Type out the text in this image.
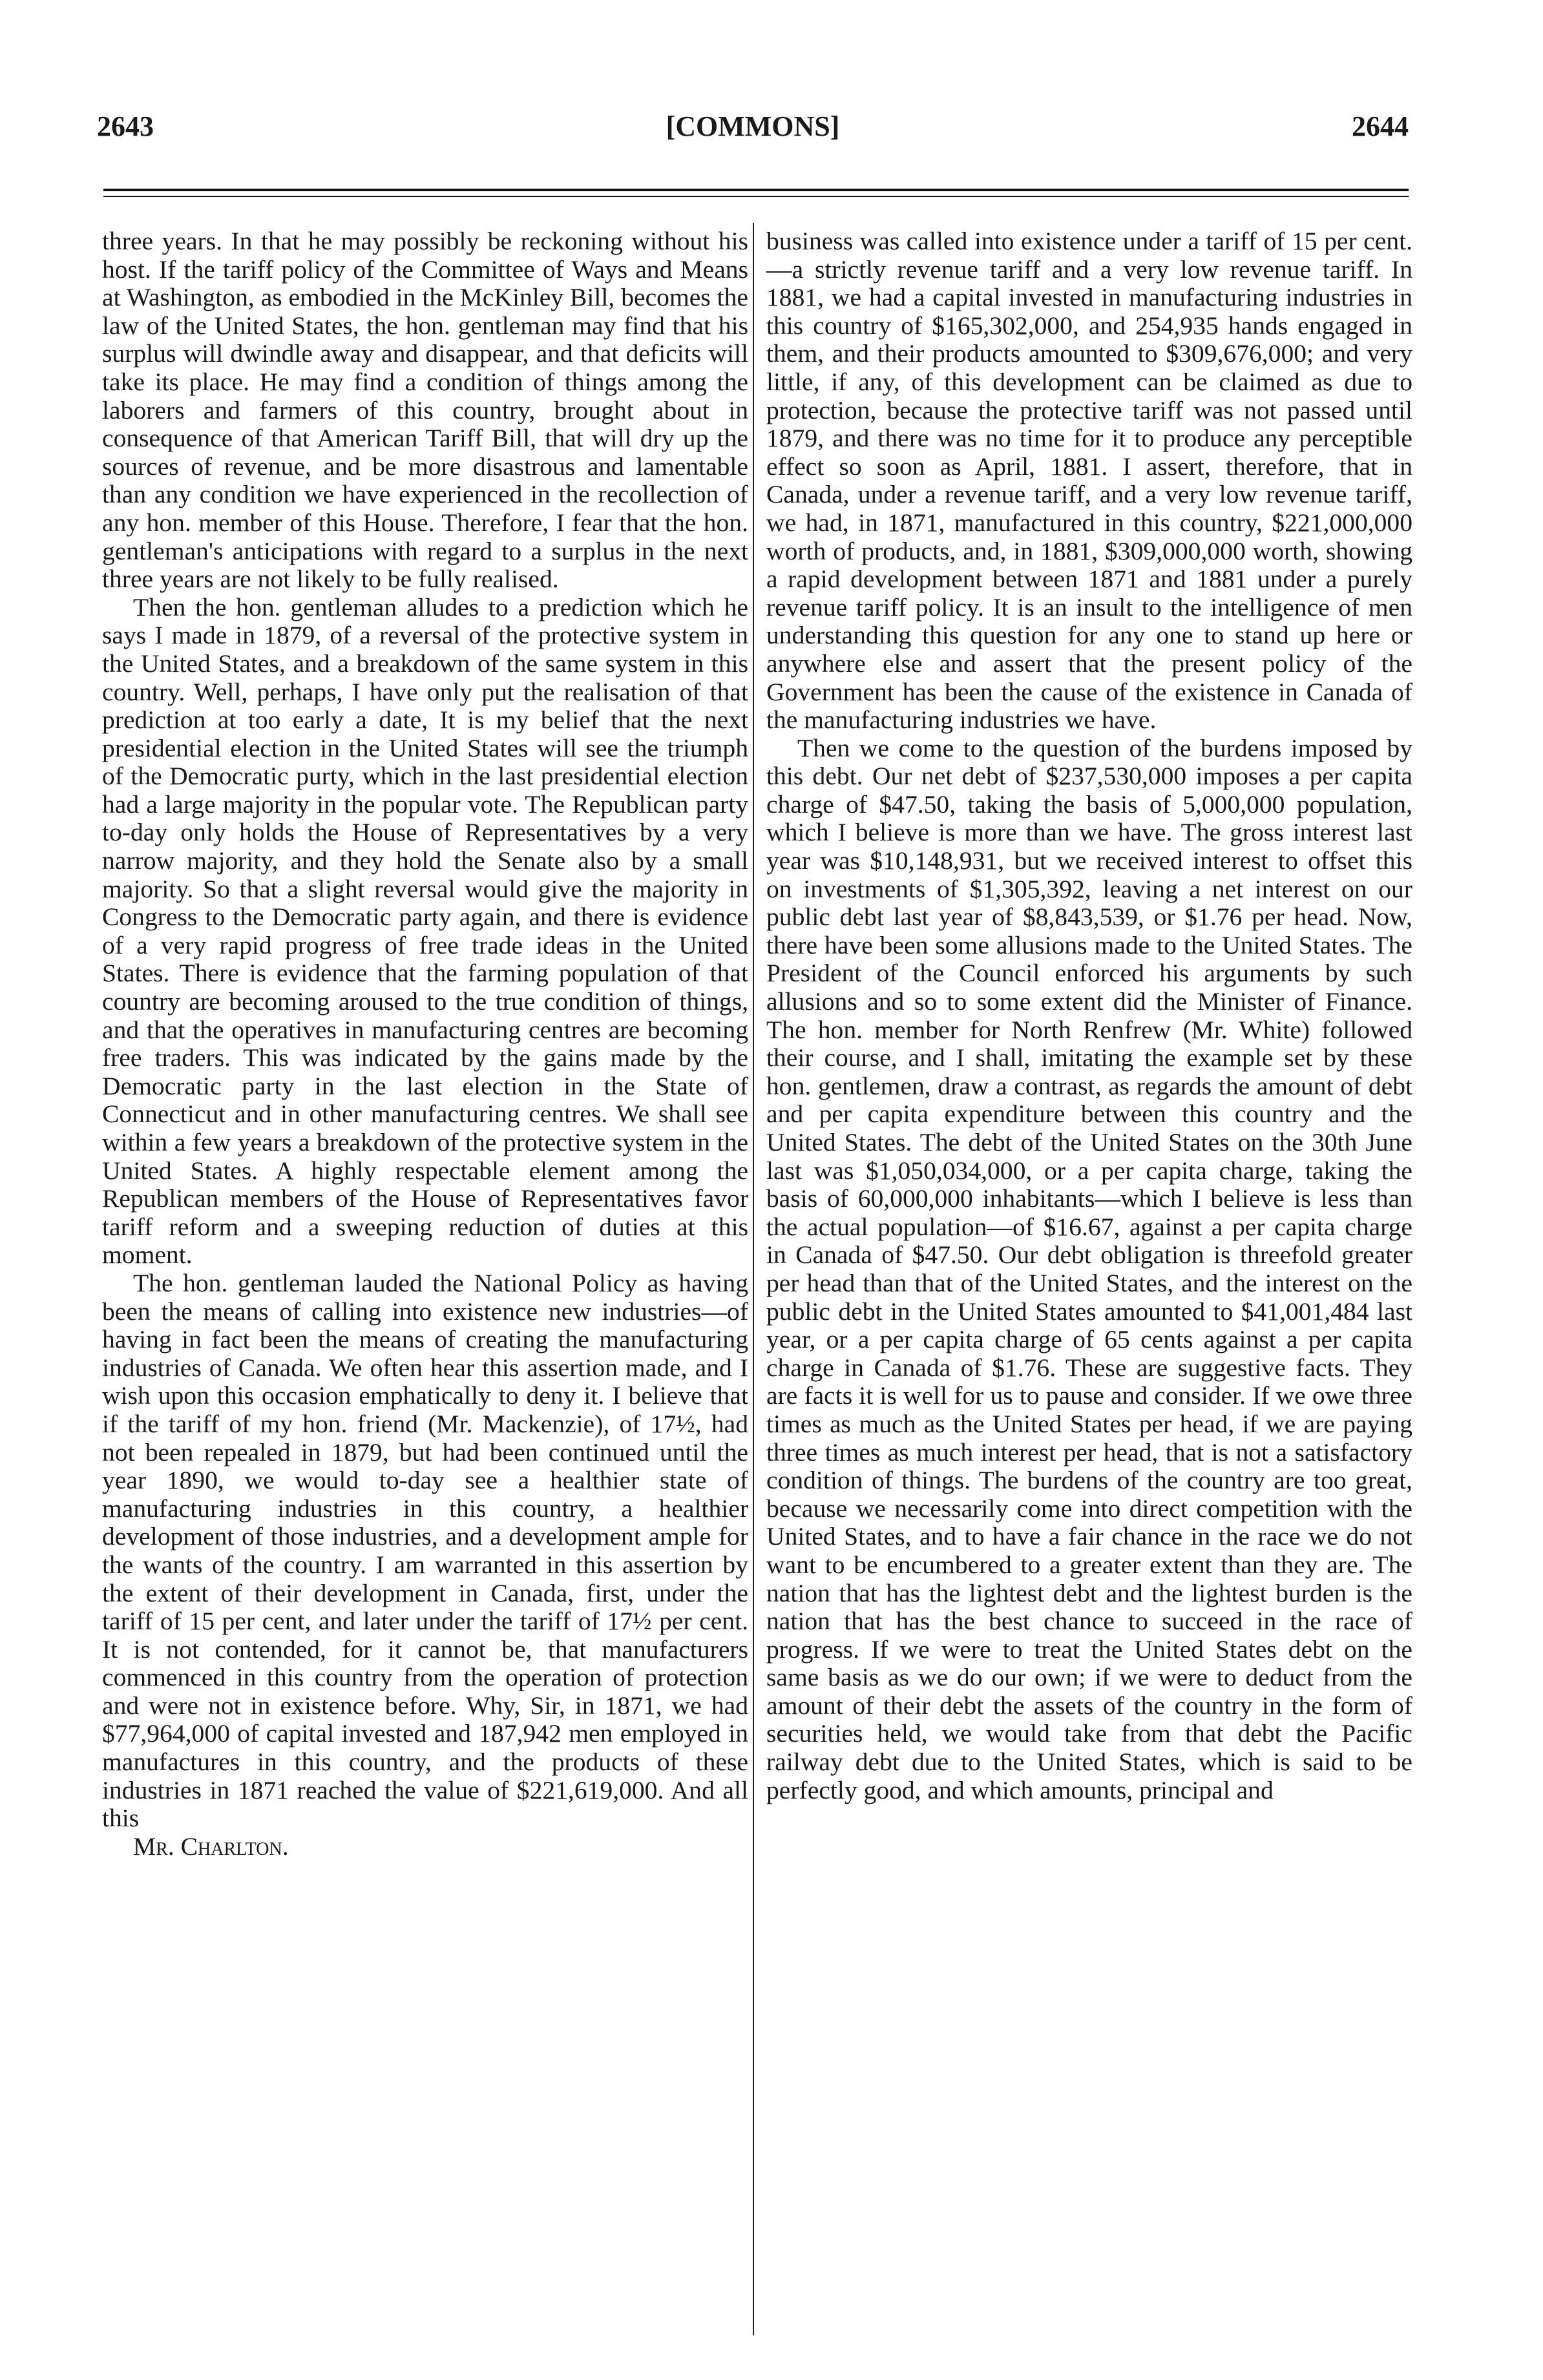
2643	[COMMONS]	2644

three years. In that he may possibly be reckoning without his host. If the tariff policy of the Committee of Ways and Means at Washington, as embodied in the McKinley Bill, becomes the law of the United States, the hon. gentleman may find that his surplus will dwindle away and disappear, and that deficits will take its place. He may find a condition of things among the laborers and farmers of this country, brought about in consequence of that American Tariff Bill, that will dry up the sources of revenue, and be more disastrous and lamentable than any condition we have experienced in the recollection of any hon. member of this House. Therefore, I fear that the hon. gentleman's anticipations with regard to a surplus in the next three years are not likely to be fully realised.

Then the hon. gentleman alludes to a prediction which he says I made in 1879, of a reversal of the protective system in the United States, and a breakdown of the same system in this country. Well, perhaps, I have only put the realisation of that prediction at too early a date, It is my belief that the next presidential election in the United States will see the triumph of the Democratic purty, which in the last presidential election had a large majority in the popular vote. The Republican party to-day only holds the House of Representatives by a very narrow majority, and they hold the Senate also by a small majority. So that a slight reversal would give the majority in Congress to the Democratic party again, and there is evidence of a very rapid progress of free trade ideas in the United States. There is evidence that the farming population of that country are becoming aroused to the true condition of things, and that the operatives in manufacturing centres are becoming free traders. This was indicated by the gains made by the Democratic party in the last election in the State of Connecticut and in other manufacturing centres. We shall see within a few years a breakdown of the protective system in the United States. A highly respectable element among the Republican members of the House of Representatives favor tariff reform and a sweeping reduction of duties at this moment.

The hon. gentleman lauded the National Policy as having been the means of calling into existence new industries—of having in fact been the means of creating the manufacturing industries of Canada. We often hear this assertion made, and I wish upon this occasion emphatically to deny it. I believe that if the tariff of my hon. friend (Mr. Mackenzie), of 17½, had not been repealed in 1879, but had been continued until the year 1890, we would to-day see a healthier state of manufacturing industries in this country, a healthier development of those industries, and a development ample for the wants of the country. I am warranted in this assertion by the extent of their development in Canada, first, under the tariff of 15 per cent, and later under the tariff of 17½ per cent. It is not contended, for it cannot be, that manufacturers commenced in this country from the operation of protection and were not in existence before. Why, Sir, in 1871, we had $77,964,000 of capital invested and 187,942 men employed in manufactures in this country, and the products of these industries in 1871 reached the value of $221,619,000. And all this

Mr. Charlton.

business was called into existence under a tariff of 15 per cent.—a strictly revenue tariff and a very low revenue tariff. In 1881, we had a capital invested in manufacturing industries in this country of $165,302,000, and 254,935 hands engaged in them, and their products amounted to $309,676,000; and very little, if any, of this development can be claimed as due to protection, because the protective tariff was not passed until 1879, and there was no time for it to produce any perceptible effect so soon as April, 1881. I assert, therefore, that in Canada, under a revenue tariff, and a very low revenue tariff, we had, in 1871, manufactured in this country, $221,000,000 worth of products, and, in 1881, $309,000,000 worth, showing a rapid development between 1871 and 1881 under a purely revenue tariff policy. It is an insult to the intelligence of men understanding this question for any one to stand up here or anywhere else and assert that the present policy of the Government has been the cause of the existence in Canada of the manufacturing industries we have.

Then we come to the question of the burdens imposed by this debt. Our net debt of $237,530,000 imposes a per capita charge of $47.50, taking the basis of 5,000,000 population, which I believe is more than we have. The gross interest last year was $10,148,931, but we received interest to offset this on investments of $1,305,392, leaving a net interest on our public debt last year of $8,843,539, or $1.76 per head. Now, there have been some allusions made to the United States. The President of the Council enforced his arguments by such allusions and so to some extent did the Minister of Finance. The hon. member for North Renfrew (Mr. White) followed their course, and I shall, imitating the example set by these hon. gentlemen, draw a contrast, as regards the amount of debt and per capita expenditure between this country and the United States. The debt of the United States on the 30th June last was $1,050,034,000, or a per capita charge, taking the basis of 60,000,000 inhabitants—which I believe is less than the actual population—of $16.67, against a per capita charge in Canada of $47.50. Our debt obligation is threefold greater per head than that of the United States, and the interest on the public debt in the United States amounted to $41,001,484 last year, or a per capita charge of 65 cents against a per capita charge in Canada of $1.76. These are suggestive facts. They are facts it is well for us to pause and consider. If we owe three times as much as the United States per head, if we are paying three times as much interest per head, that is not a satisfactory condition of things. The burdens of the country are too great, because we necessarily come into direct competition with the United States, and to have a fair chance in the race we do not want to be encumbered to a greater extent than they are. The nation that has the lightest debt and the lightest burden is the nation that has the best chance to succeed in the race of progress. If we were to treat the United States debt on the same basis as we do our own; if we were to deduct from the amount of their debt the assets of the country in the form of securities held, we would take from that debt the Pacific railway debt due to the United States, which is said to be perfectly good, and which amounts, principal and
